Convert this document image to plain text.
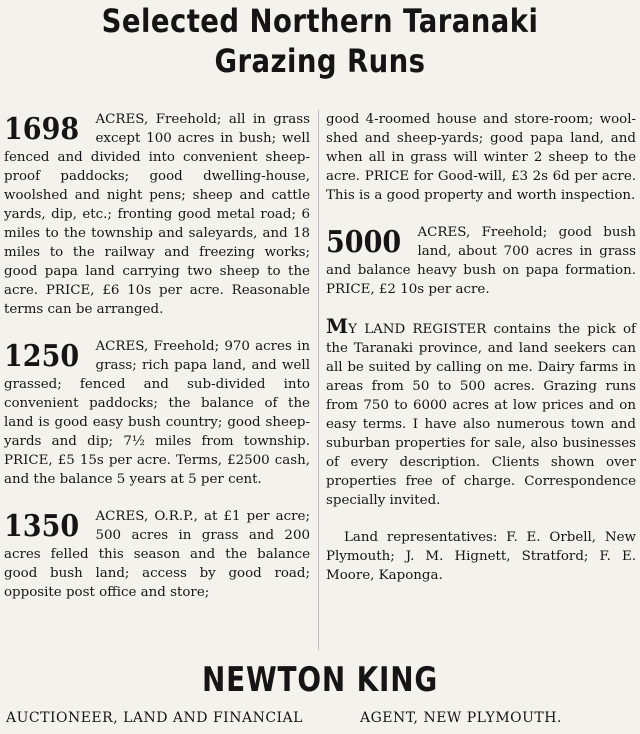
Selected Northern Taranaki
Grazing Runs
1698 ACRES, Freehold; all in grass except 100 acres in bush; well fenced and divided into convenient sheep-proof paddocks; good dwelling-house, woolshed and night pens; sheep and cattle yards, dip, etc.; fronting good metal road; 6 miles to the township and saleyards, and 18 miles to the railway and freezing works; good papa land carrying two sheep to the acre. PRICE, £6 10s per acre. Reasonable terms can be arranged.
1250 ACRES, Freehold; 970 acres in grass; rich papa land, and well grassed; fenced and sub-divided into convenient paddocks; the balance of the land is good easy bush country; good sheep-yards and dip; 7½ miles from township. PRICE, £5 15s per acre. Terms, £2500 cash, and the balance 5 years at 5 per cent.
1350 ACRES, O.R.P., at £1 per acre; 500 acres in grass and 200 acres felled this season and the balance good bush land; access by good road; opposite post office and store;
good 4-roomed house and store-room; wool-shed and sheep-yards; good papa land, and when all in grass will winter 2 sheep to the acre. PRICE for Good-will, £3 2s 6d per acre. This is a good property and worth inspection.
5000 ACRES, Freehold; good bush land, about 700 acres in grass and balance heavy bush on papa formation. PRICE, £2 10s per acre.
MY LAND REGISTER contains the pick of the Taranaki province, and land seekers can all be suited by calling on me. Dairy farms in areas from 50 to 500 acres. Grazing runs from 750 to 6000 acres at low prices and on easy terms. I have also numerous town and suburban properties for sale, also businesses of every description. Clients shown over properties free of charge. Correspondence specially invited.
Land representatives: F. E. Orbell, New Plymouth; J. M. Hignett, Stratford; F. E. Moore, Kaponga.
NEWTON KING
AUCTIONEER, LAND AND FINANCIAL	AGENT, NEW PLYMOUTH.
